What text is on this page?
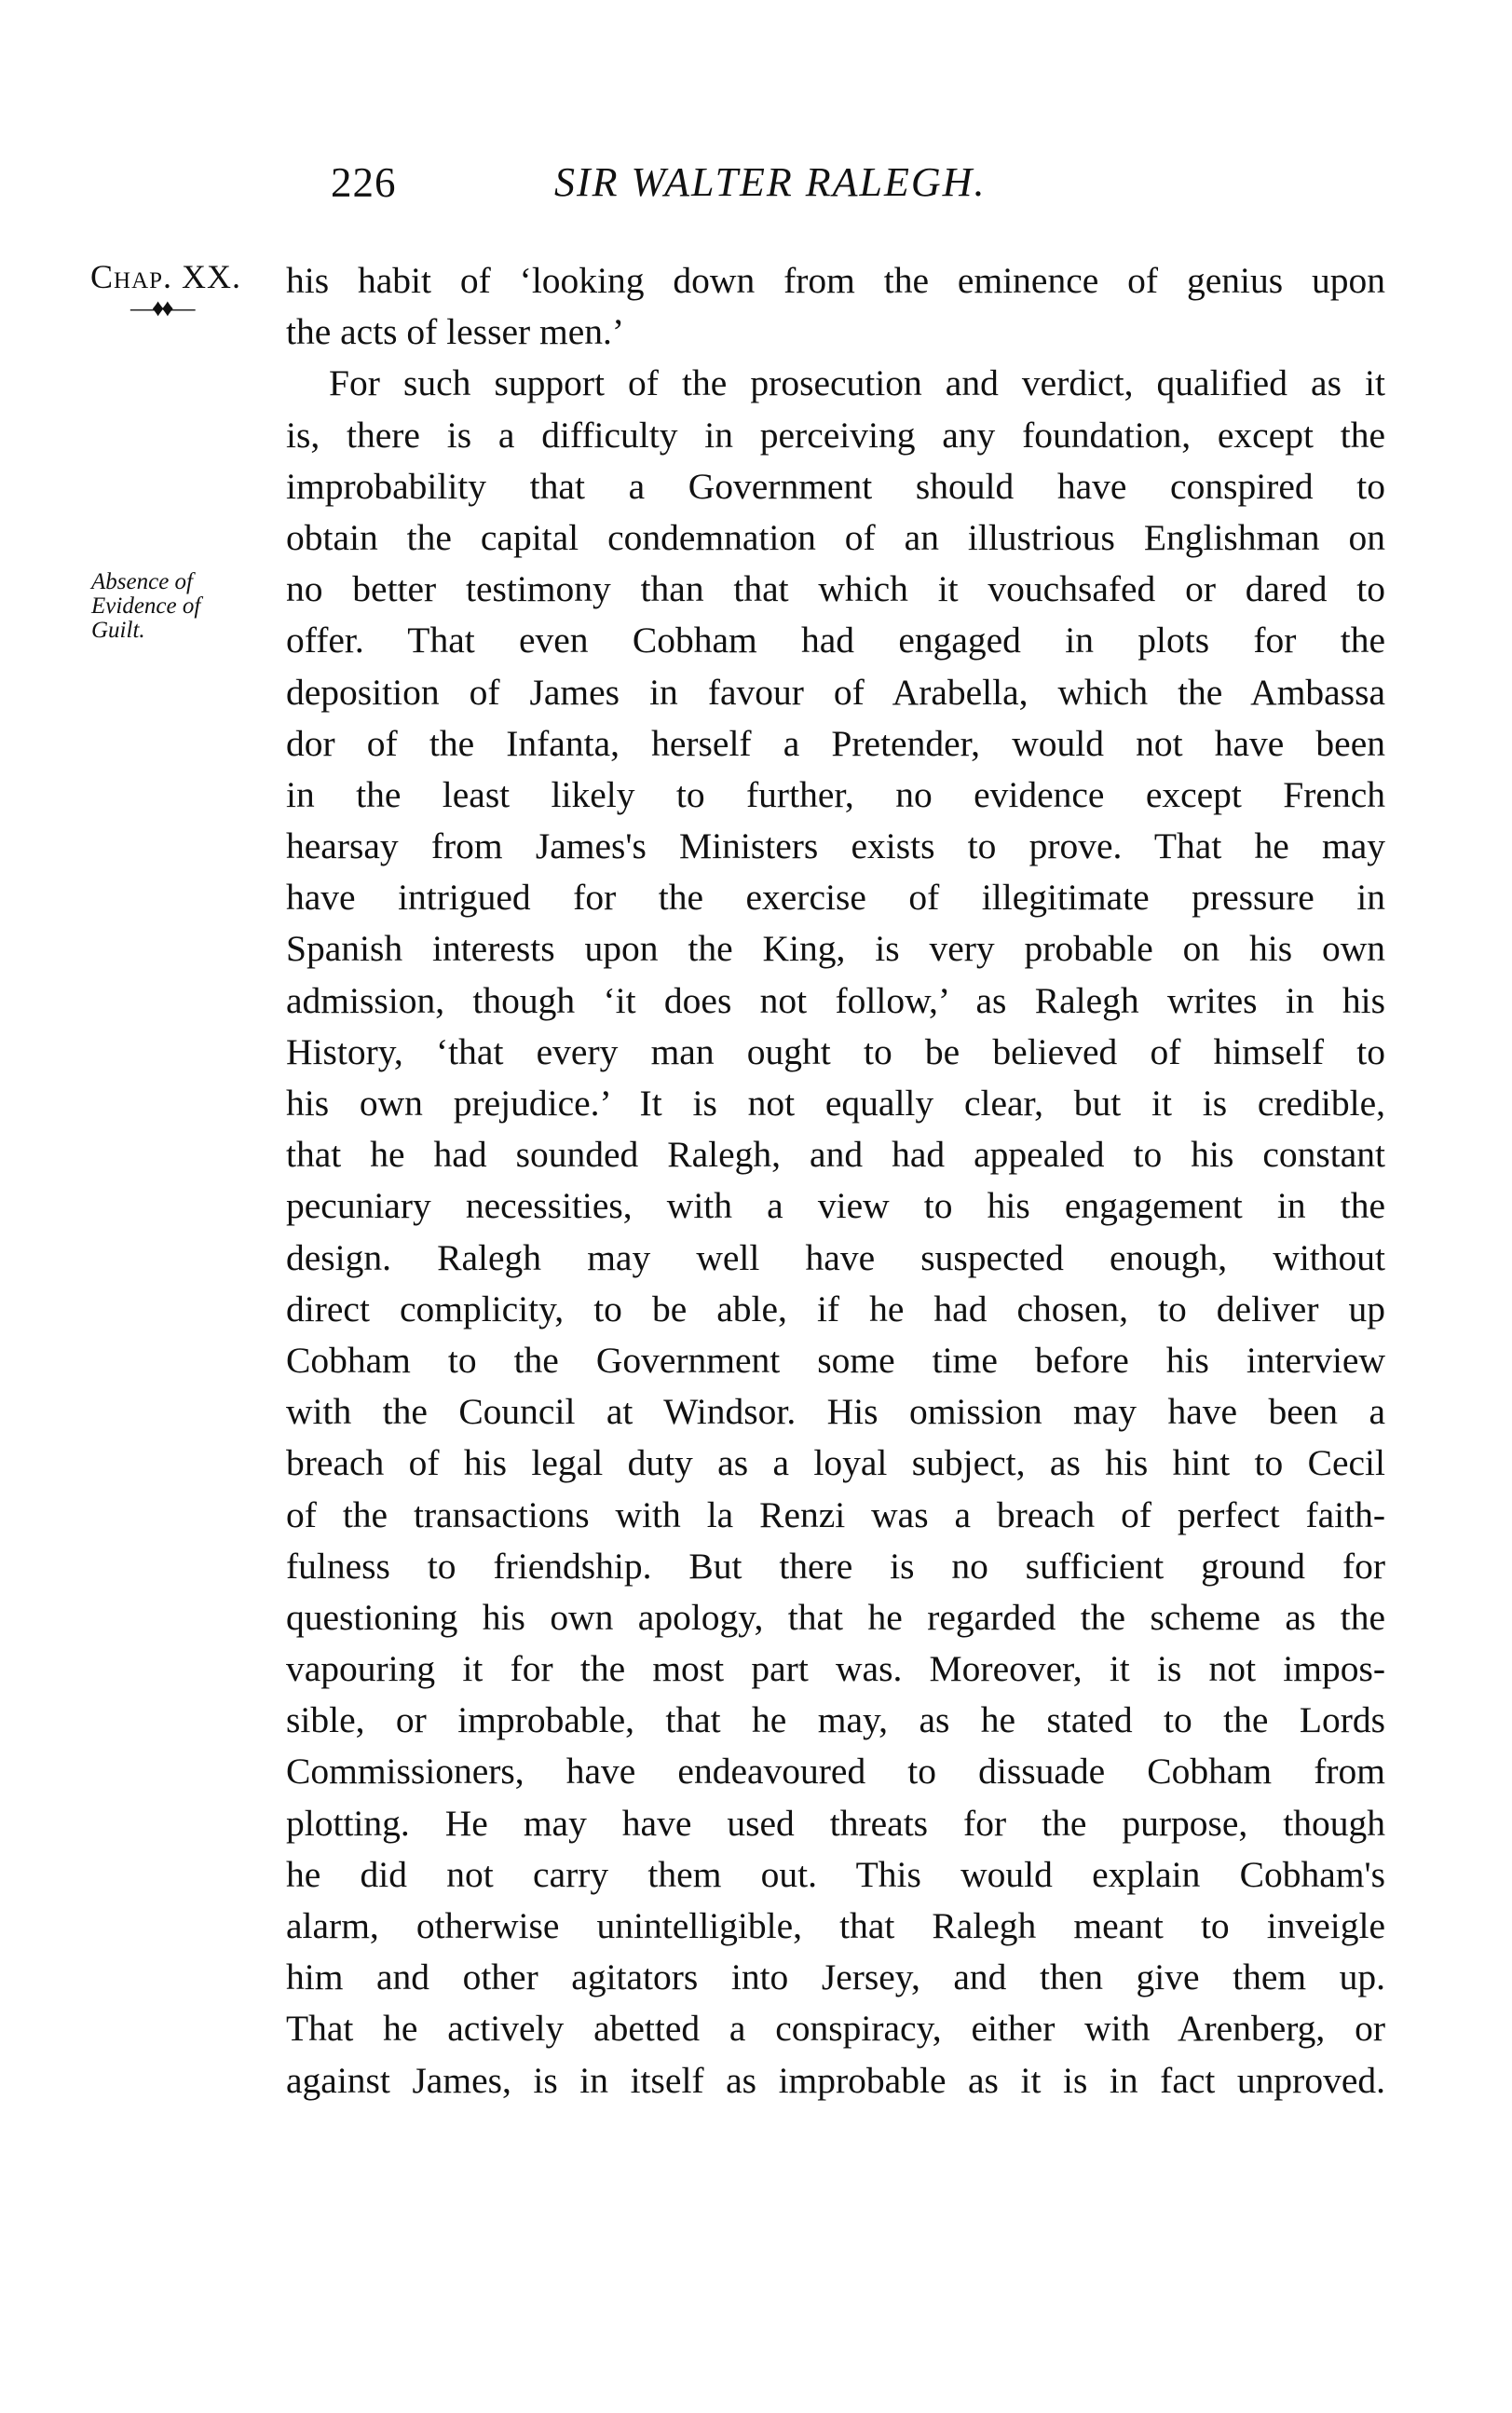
226	SIR WALTER RALEGH.
Chap. XX.
—♦♦—
Absence of
Evidence of
Guilt.
his habit of ‘looking down from the eminence of genius upon
the acts of lesser men.’
For such support of the prosecution and verdict, qualified as it
is, there is a difficulty in perceiving any foundation, except the
improbability that a Government should have conspired to
obtain the capital condemnation of an illustrious Englishman on
no better testimony than that which it vouchsafed or dared to
offer. That even Cobham had engaged in plots for the
deposition of James in favour of Arabella, which the Ambassa
dor of the Infanta, herself a Pretender, would not have been
in the least likely to further, no evidence except French
hearsay from James's Ministers exists to prove. That he may
have intrigued for the exercise of illegitimate pressure in
Spanish interests upon the King, is very probable on his own
admission, though ‘it does not follow,’ as Ralegh writes in his
History, ‘that every man ought to be believed of himself to
his own prejudice.’ It is not equally clear, but it is credible,
that he had sounded Ralegh, and had appealed to his constant
pecuniary necessities, with a view to his engagement in the
design. Ralegh may well have suspected enough, without
direct complicity, to be able, if he had chosen, to deliver up
Cobham to the Government some time before his interview
with the Council at Windsor. His omission may have been a
breach of his legal duty as a loyal subject, as his hint to Cecil
of the transactions with la Renzi was a breach of perfect faith-
fulness to friendship. But there is no sufficient ground for
questioning his own apology, that he regarded the scheme as the
vapouring it for the most part was. Moreover, it is not impos-
sible, or improbable, that he may, as he stated to the Lords
Commissioners, have endeavoured to dissuade Cobham from
plotting. He may have used threats for the purpose, though
he did not carry them out. This would explain Cobham's
alarm, otherwise unintelligible, that Ralegh meant to inveigle
him and other agitators into Jersey, and then give them up.
That he actively abetted a conspiracy, either with Arenberg, or
against James, is in itself as improbable as it is in fact unproved.
